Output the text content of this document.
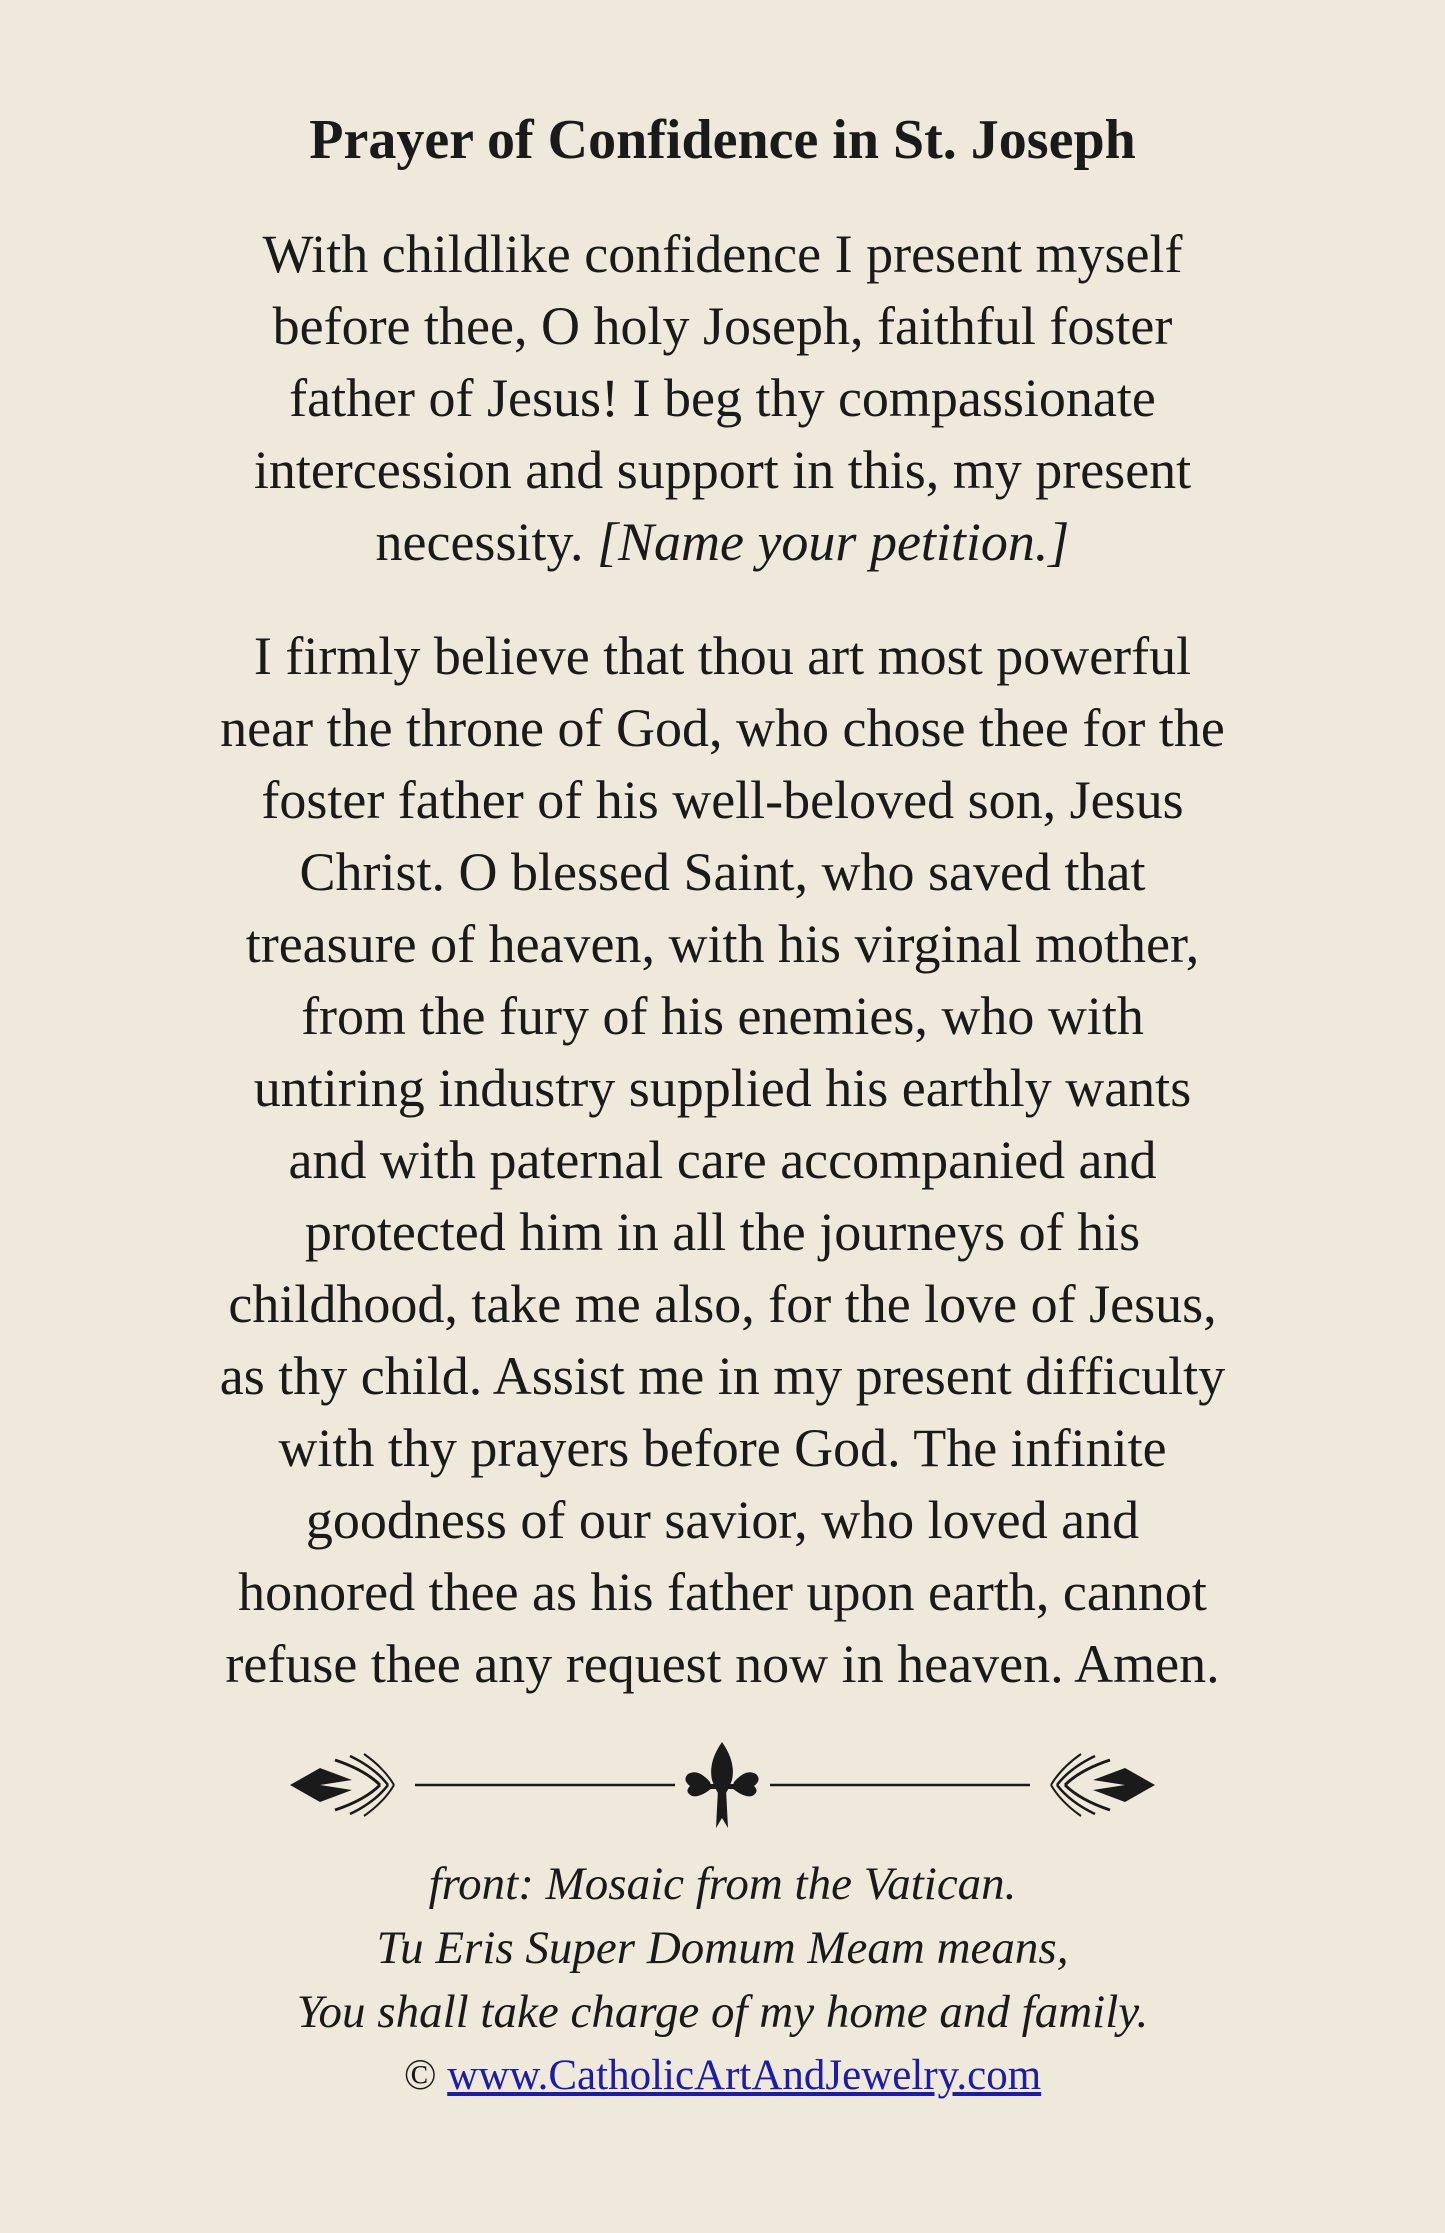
Prayer of Confidence in St. Joseph
With childlike confidence I present myself
before thee, O holy Joseph, faithful foster
father of Jesus! I beg thy compassionate
intercession and support in this, my present
necessity. [Name your petition.]
I firmly believe that thou art most powerful
near the throne of God, who chose thee for the
foster father of his well-beloved son, Jesus
Christ. O blessed Saint, who saved that
treasure of heaven, with his virginal mother,
from the fury of his enemies, who with
untiring industry supplied his earthly wants
and with paternal care accompanied and
protected him in all the journeys of his
childhood, take me also, for the love of Jesus,
as thy child. Assist me in my present difficulty
with thy prayers before God. The infinite
goodness of our savior, who loved and
honored thee as his father upon earth, cannot
refuse thee any request now in heaven. Amen.
front: Mosaic from the Vatican.
Tu Eris Super Domum Meam means,
You shall take charge of my home and family.
© www.CatholicArtAndJewelry.com
